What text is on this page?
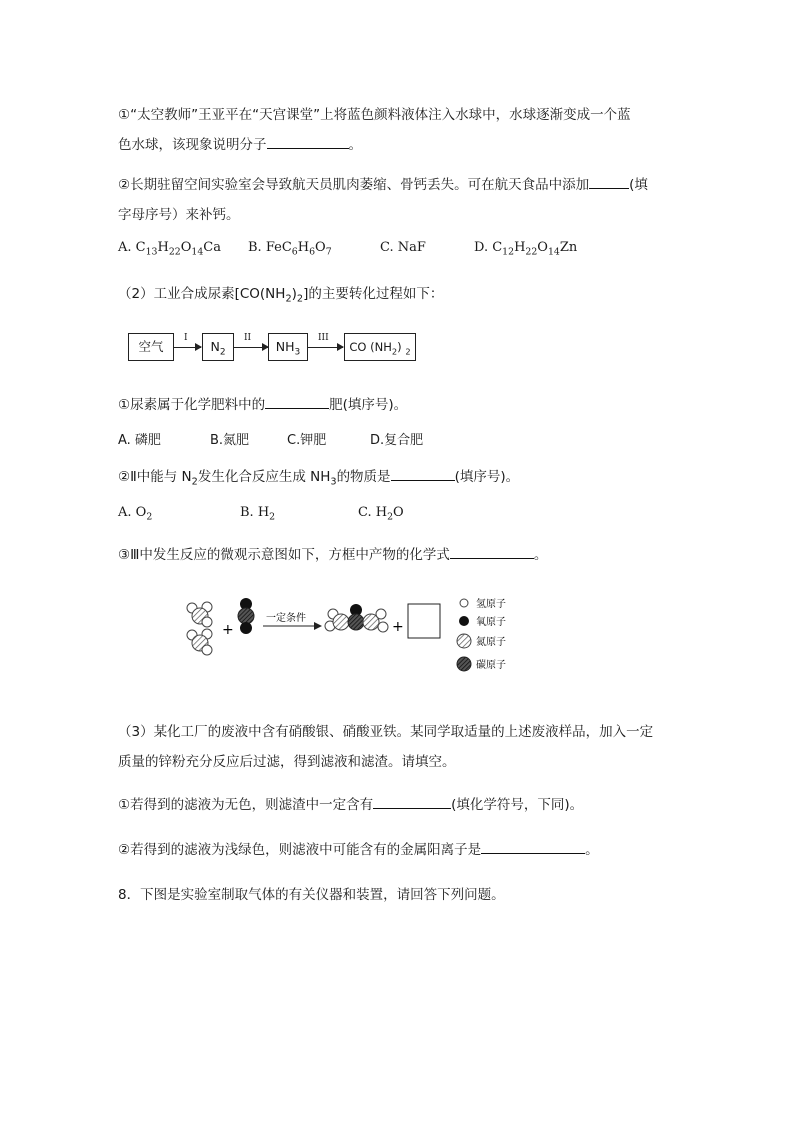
①“太空教师”王亚平在“天宫课堂”上将蓝色颜料液体注入水球中，水球逐渐变成一个蓝
色水球，该现象说明分子	。
②长期驻留空间实验室会导致航天员肌肉萎缩、骨钙丢失。可在航天食品中添加	(填
字母序号）来补钙。
A. $C_{13}H_{22}O_{14}Ca$ B. $FeC_6H_6O_7$	C. NaF	D. $C_{12}H_{22}O_{14}Zn$
（2）工业合成尿素$[CO(NH_2)_2]$的主要转化过程如下：
空气
I
$N_2$
II
$NH_3$
III
CO $(NH_2)$ $_2$
①尿素属于化学肥料中的	肥(填序号)。
A. 磷肥	B.氮肥	C.钾肥	D.复合肥
②Ⅱ中能与 $N_2$发生化合反应生成 $NH_3$的物质是	(填序号)。
A. $O_2$	B. $H_2$	C. $H_2O$
③Ⅲ中发生反应的微观示意图如下，方框中产物的化学式	。
+
一定条件
+
氢原子
氧原子
氮原子
碳原子
（3）某化工厂的废液中含有硝酸银、硝酸亚铁。某同学取适量的上述废液样品，加入一定
质量的锌粉充分反应后过滤，得到滤液和滤渣。请填空。
①若得到的滤液为无色，则滤渣中一定含有	(填化学符号，下同)。
②若得到的滤液为浅绿色，则滤液中可能含有的金属阳离子是	。
8．下图是实验室制取气体的有关仪器和装置，请回答下列问题。
